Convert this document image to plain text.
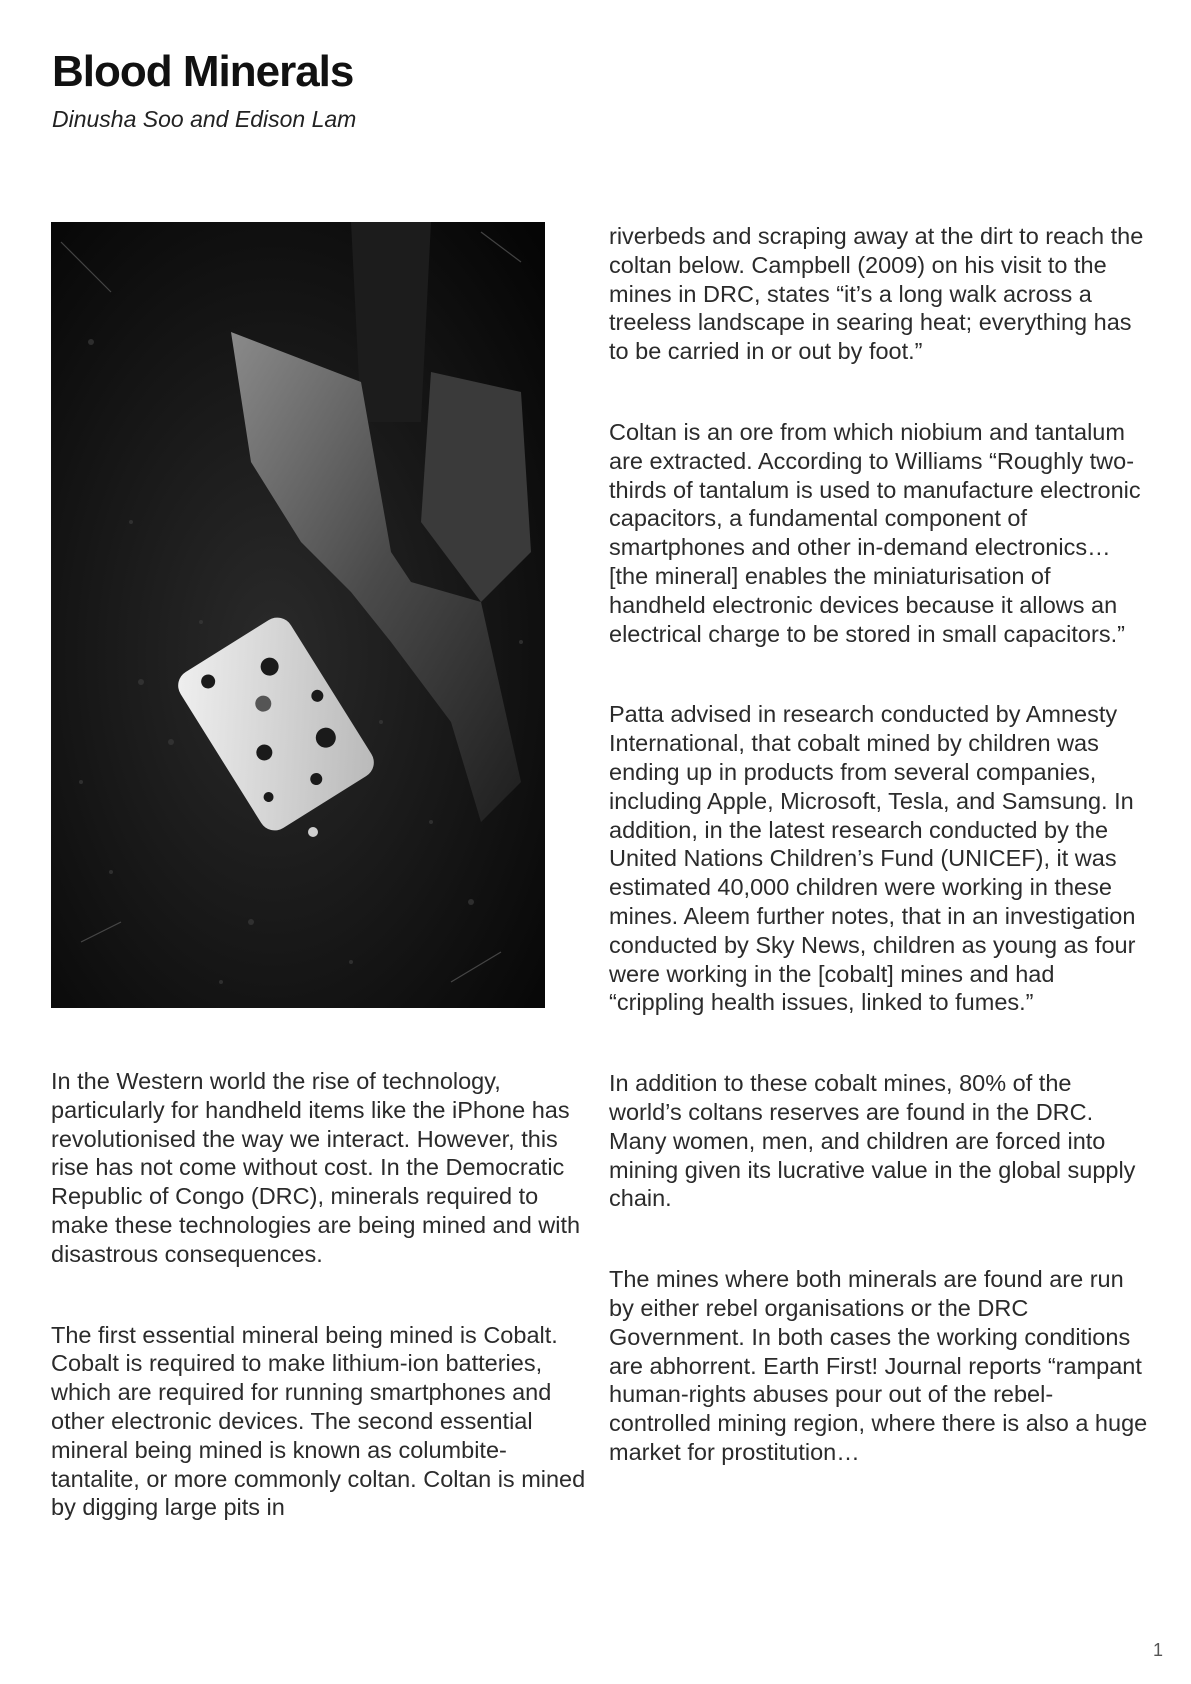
Blood Minerals

Dinusha Soo and Edison Lam

In the Western world the rise of technology, particularly for handheld items like the iPhone has revolutionised the way we interact. However, this rise has not come without cost. In the Democratic Republic of Congo (DRC), minerals required to make these technologies are being mined and with disastrous consequences.

The first essential mineral being mined is Cobalt. Cobalt is required to make lithium-ion batteries, which are required for running smartphones and other electronic devices. The second essential mineral being mined is known as columbite-tantalite, or more commonly coltan. Coltan is mined by digging large pits in

riverbeds and scraping away at the dirt to reach the coltan below. Campbell (2009) on his visit to the mines in DRC, states “it’s a long walk across a treeless landscape in searing heat; everything has to be carried in or out by foot.”

Coltan is an ore from which niobium and tantalum are extracted. According to Williams “Roughly two-thirds of tantalum is used to manufacture electronic capacitors, a fundamental component of smartphones and other in-demand electronics…[the mineral] enables the miniaturisation of handheld electronic devices because it allows an electrical charge to be stored in small capacitors.”

Patta advised in research conducted by Amnesty International, that cobalt mined by children was ending up in products from several companies, including Apple, Microsoft, Tesla, and Samsung. In addition, in the latest research conducted by the United Nations Children’s Fund (UNICEF), it was estimated 40,000 children were working in these mines. Aleem further notes, that in an investigation conducted by Sky News, children as young as four were working in the [cobalt] mines and had “crippling health issues, linked to fumes.”

In addition to these cobalt mines, 80% of the world’s coltans reserves are found in the DRC. Many women, men, and children are forced into mining given its lucrative value in the global supply chain.

The mines where both minerals are found are run by either rebel organisations or the DRC Government. In both cases the working conditions are abhorrent. Earth First! Journal reports “rampant human-rights abuses pour out of the rebel-controlled mining region, where there is also a huge market for prostitution…

1
